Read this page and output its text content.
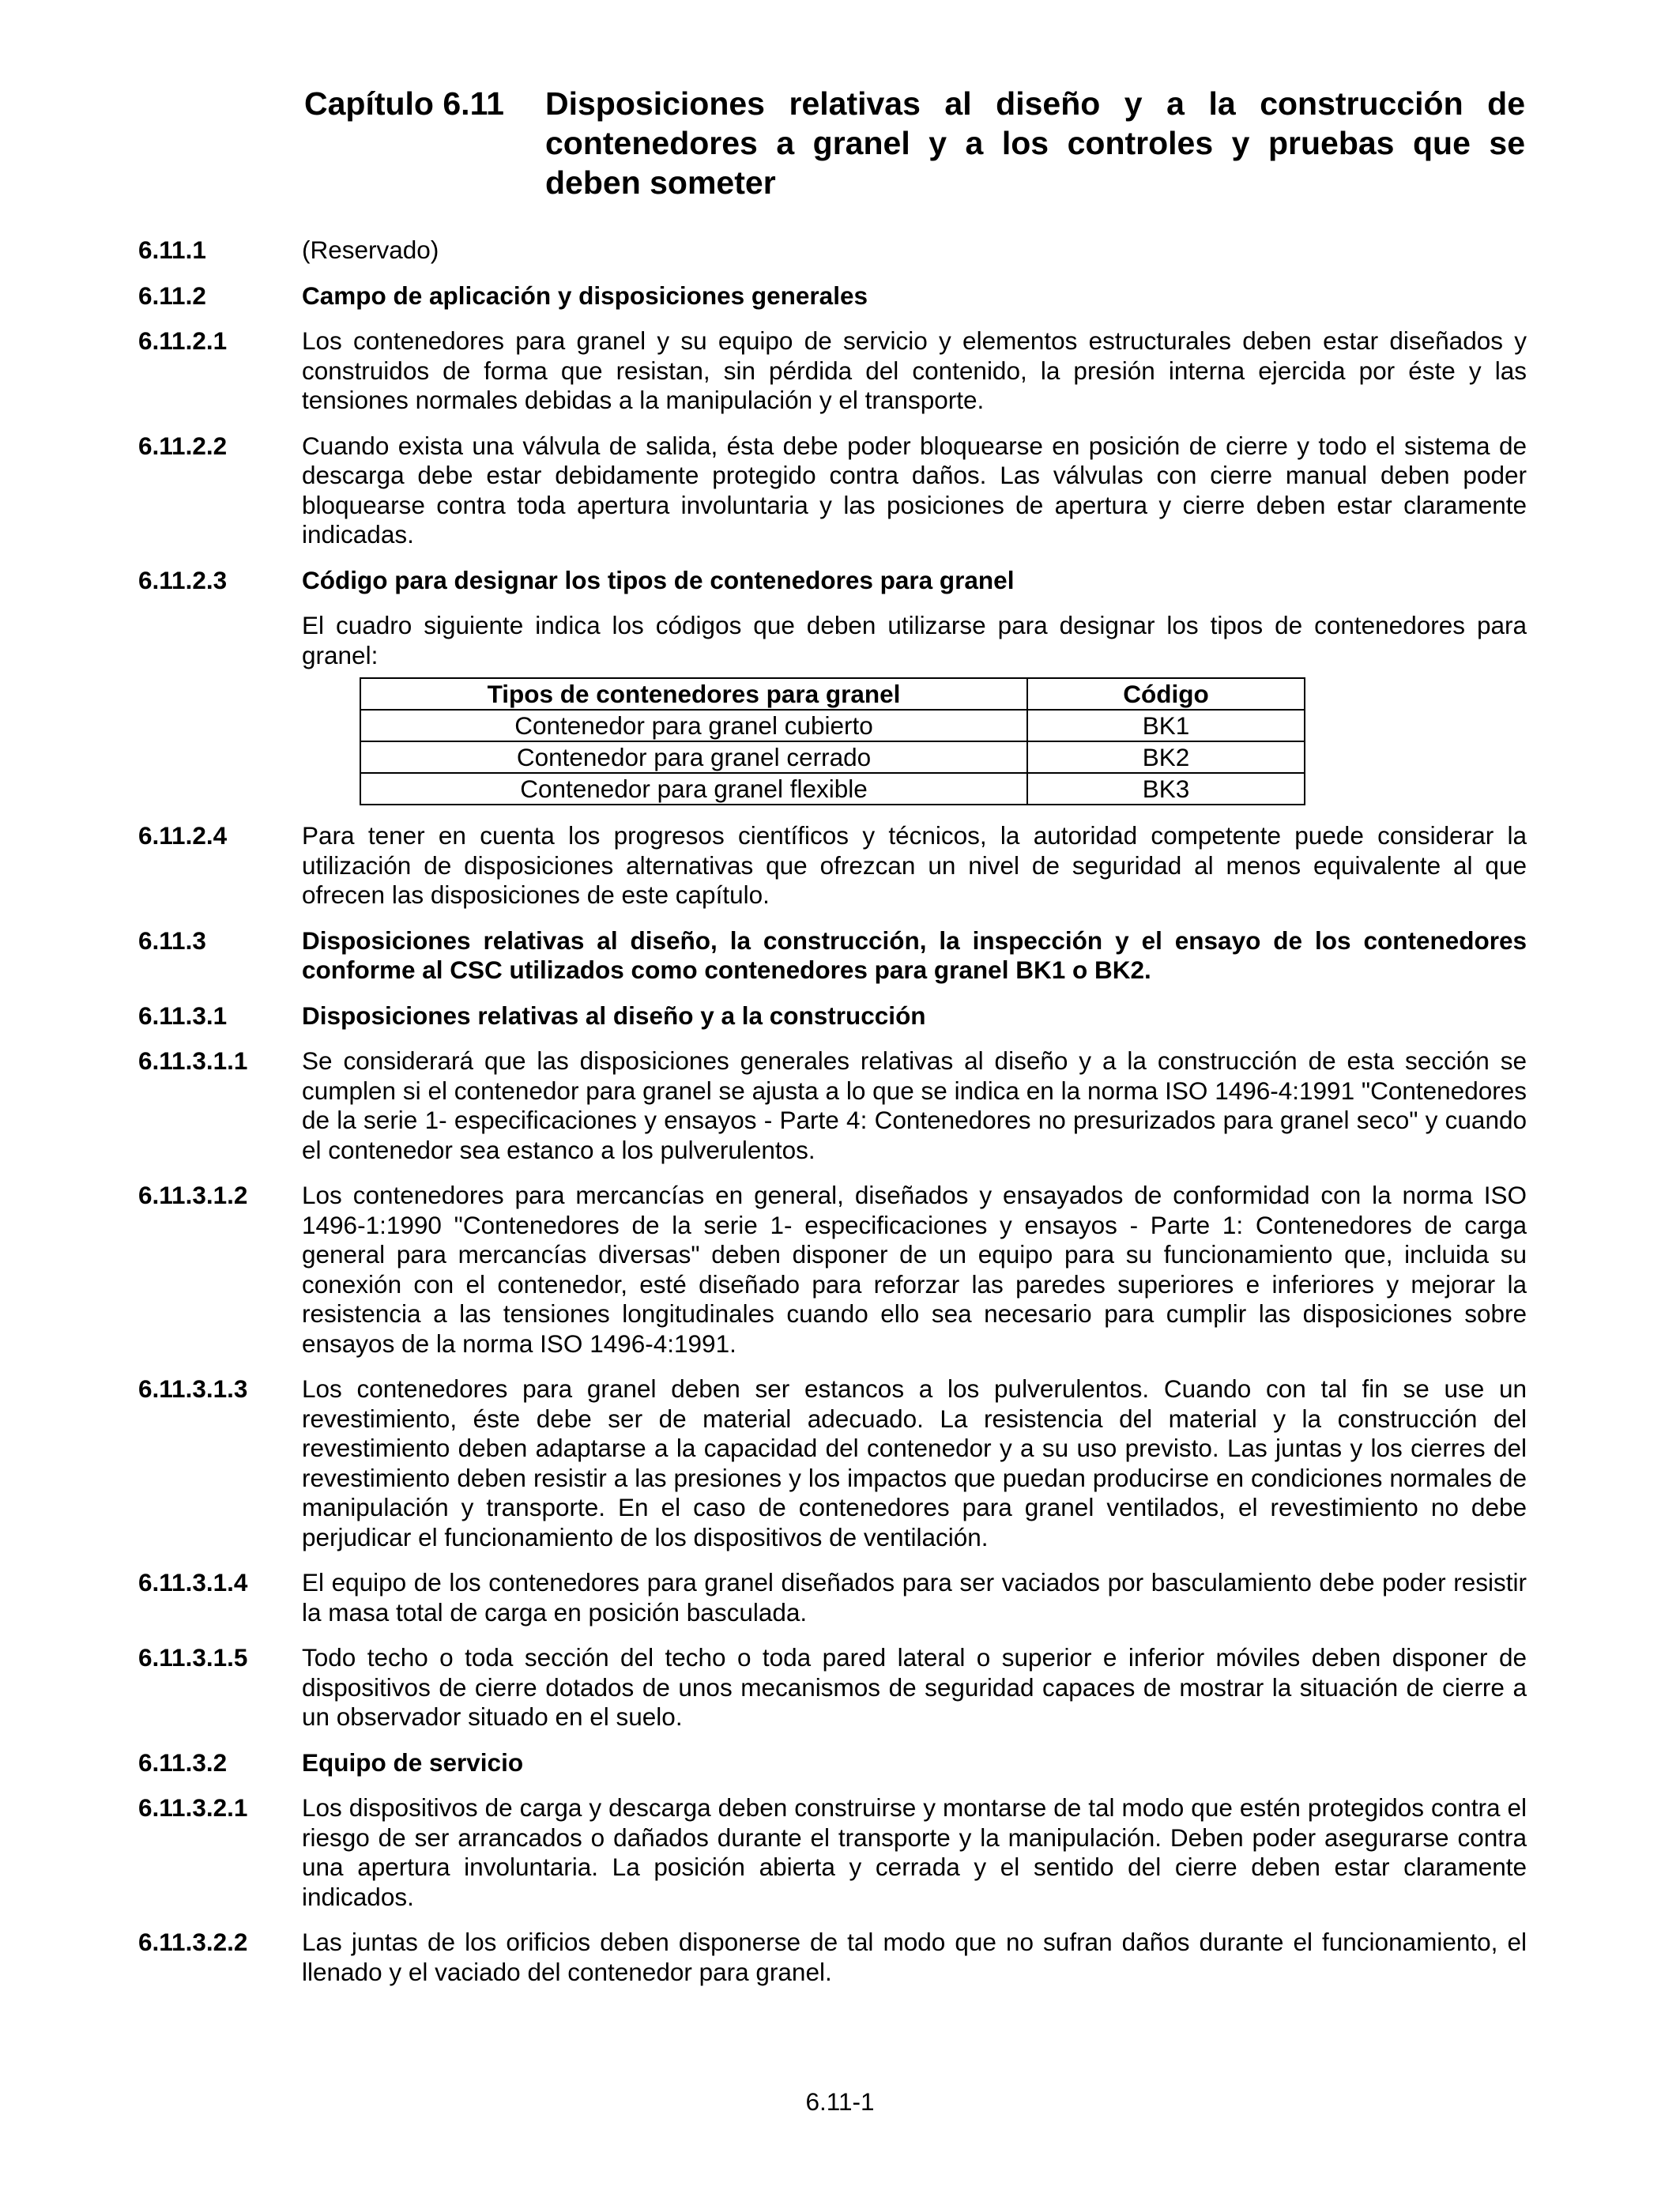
Capítulo 6.11 Disposiciones relativas al diseño y a la construcción de contenedores a granel y a los controles y pruebas que se deben someter
6.11.1	(Reservado)
6.11.2	Campo de aplicación y disposiciones generales
6.11.2.1	Los contenedores para granel y su equipo de servicio y elementos estructurales deben estar diseñados y construidos de forma que resistan, sin pérdida del contenido, la presión interna ejercida por éste y las tensiones normales debidas a la manipulación y el transporte.
6.11.2.2	Cuando exista una válvula de salida, ésta debe poder bloquearse en posición de cierre y todo el sistema de descarga debe estar debidamente protegido contra daños. Las válvulas con cierre manual deben poder bloquearse contra toda apertura involuntaria y las posiciones de apertura y cierre deben estar claramente indicadas.
6.11.2.3	Código para designar los tipos de contenedores para granel
El cuadro siguiente indica los códigos que deben utilizarse para designar los tipos de contenedores para granel:
Tipos de contenedores para granel	Código
Contenedor para granel cubierto	BK1
Contenedor para granel cerrado	BK2
Contenedor para granel flexible	BK3
6.11.2.4	Para tener en cuenta los progresos científicos y técnicos, la autoridad competente puede considerar la utilización de disposiciones alternativas que ofrezcan un nivel de seguridad al menos equivalente al que ofrecen las disposiciones de este capítulo.
6.11.3	Disposiciones relativas al diseño, la construcción, la inspección y el ensayo de los contenedores conforme al CSC utilizados como contenedores para granel BK1 o BK2.
6.11.3.1	Disposiciones relativas al diseño y a la construcción
6.11.3.1.1	Se considerará que las disposiciones generales relativas al diseño y a la construcción de esta sección se cumplen si el contenedor para granel se ajusta a lo que se indica en la norma ISO 1496-4:1991 "Contenedores de la serie 1- especificaciones y ensayos - Parte 4: Contenedores no presurizados para granel seco" y cuando el contenedor sea estanco a los pulverulentos.
6.11.3.1.2	Los contenedores para mercancías en general, diseñados y ensayados de conformidad con la norma ISO 1496-1:1990 "Contenedores de la serie 1- especificaciones y ensayos - Parte 1: Contenedores de carga general para mercancías diversas" deben disponer de un equipo para su funcionamiento que, incluida su conexión con el contenedor, esté diseñado para reforzar las paredes superiores e inferiores y mejorar la resistencia a las tensiones longitudinales cuando ello sea necesario para cumplir las disposiciones sobre ensayos de la norma ISO 1496-4:1991.
6.11.3.1.3	Los contenedores para granel deben ser estancos a los pulverulentos. Cuando con tal fin se use un revestimiento, éste debe ser de material adecuado. La resistencia del material y la construcción del revestimiento deben adaptarse a la capacidad del contenedor y a su uso previsto. Las juntas y los cierres del revestimiento deben resistir a las presiones y los impactos que puedan producirse en condiciones normales de manipulación y transporte. En el caso de contenedores para granel ventilados, el revestimiento no debe perjudicar el funcionamiento de los dispositivos de ventilación.
6.11.3.1.4	El equipo de los contenedores para granel diseñados para ser vaciados por basculamiento debe poder resistir la masa total de carga en posición basculada.
6.11.3.1.5	Todo techo o toda sección del techo o toda pared lateral o superior e inferior móviles deben disponer de dispositivos de cierre dotados de unos mecanismos de seguridad capaces de mostrar la situación de cierre a un observador situado en el suelo.
6.11.3.2	Equipo de servicio
6.11.3.2.1	Los dispositivos de carga y descarga deben construirse y montarse de tal modo que estén protegidos contra el riesgo de ser arrancados o dañados durante el transporte y la manipulación. Deben poder asegurarse contra una apertura involuntaria. La posición abierta y cerrada y el sentido del cierre deben estar claramente indicados.
6.11.3.2.2	Las juntas de los orificios deben disponerse de tal modo que no sufran daños durante el funcionamiento, el llenado y el vaciado del contenedor para granel.
6.11-1
